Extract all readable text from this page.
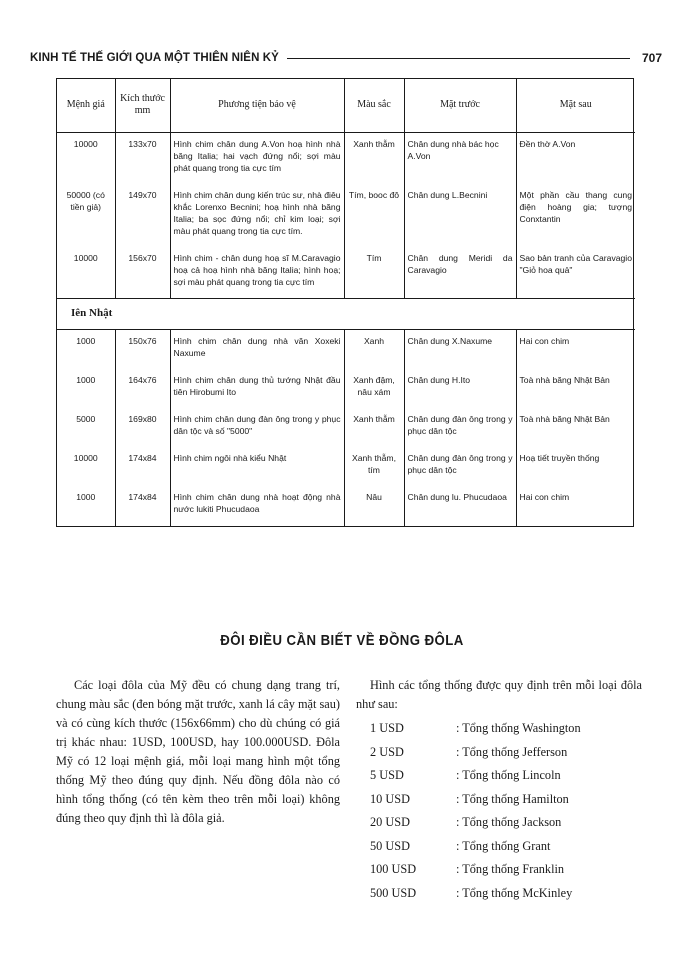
KINH TẾ THẾ GIỚI QUA MỘT THIÊN NIÊN KỶ	707
Mệnh giá	Kích thước mm	Phương tiện bảo vệ	Màu sắc	Mặt trước	Mặt sau
10000	133x70	Hình chim chân dung A.Von hoạ hình nhà băng Italia; hai vạch đứng nổi; sợi màu phát quang trong tia cực tím	Xanh thẫm	Chân dung nhà bác học A.Von	Đền thờ A.Von
50000 (có tiền giả)	149x70	Hình chim chân dung kiến trúc sư, nhà điêu khắc Lorenxo Becnini; hoạ hình nhà băng Italia; ba sọc đứng nổi; chỉ kim loại; sợi màu phát quang trong tia cực tím.	Tím, booc đô	Chân dung L.Becnini	Một phần cầu thang cung điện hoàng gia; tượng Conxtantin
10000	156x70	Hình chim - chân dung hoạ sĩ M.Caravagio hoạ cả hoạ hình nhà băng Italia; hình hoạ; sợi màu phát quang trong tia cực tím	Tím	Chân dung Meridi da Caravagio	Sao bản tranh của Caravagio "Giỏ hoa quả"
Iên Nhật					
1000	150x76	Hình chim chân dung nhà văn Xoxeki Naxume	Xanh	Chân dung X.Naxume	Hai con chim
1000	164x76	Hình chim chân dung thủ tướng Nhật đầu tiên Hirobumi Ito	Xanh đậm, nâu xám	Chân dung H.Ito	Toà nhà băng Nhật Bản
5000	169x80	Hình chim chân dung đàn ông trong y phục dân tộc và số "5000"	Xanh thẫm	Chân dung đàn ông trong y phục dân tộc	Toà nhà băng Nhật Bản
10000	174x84	Hình chim ngôi nhà kiểu Nhật	Xanh thẫm, tím	Chân dung đàn ông trong y phục dân tộc	Hoạ tiết truyền thống
1000	174x84	Hình chim chân dung nhà hoạt động nhà nước lukiti Phucudaoa	Nâu	Chân dung lu. Phucudaoa	Hai con chim
ĐÔI ĐIỀU CẦN BIẾT VỀ ĐỒNG ĐÔLA

Các loại đôla của Mỹ đều có chung dạng trang trí, chung màu sắc (đen bóng mặt trước, xanh lá cây mặt sau) và có cùng kích thước (156x66mm) cho dù chúng có giá trị khác nhau: 1USD, 100USD, hay 100.000USD. Đôla Mỹ có 12 loại mệnh giá, mỗi loại mang hình một tổng thống Mỹ theo đúng quy định. Nếu đồng đôla nào có hình tổng thống (có tên kèm theo trên mỗi loại) không đúng theo quy định thì là đôla giả.

Hình các tổng thống được quy định trên mỗi loại đôla như sau:

1 USD	: Tổng thống Washington
2 USD	: Tổng thống Jefferson
5 USD	: Tổng thống Lincoln
10 USD	: Tổng thống Hamilton
20 USD	: Tổng thống Jackson
50 USD	: Tổng thống Grant
100 USD	: Tổng thống Franklin
500 USD	: Tổng thống McKinley
